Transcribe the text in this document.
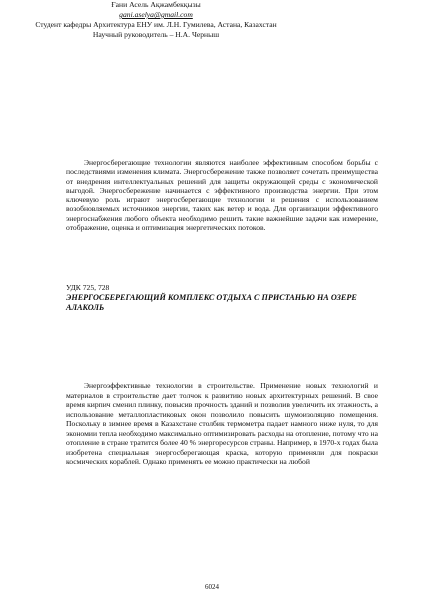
Энергосберегающие технологии являются наиболее эффективным способом борьбы с последствиями изменения климата. Энергосбережение также позволяет сочетать преимущества от внедрения интеллектуальных решений для защиты окружающей среды с экономической выгодой. Энергосбережение начинается с эффективного производства энергии. При этом ключевую роль играют энергосберегающие технологии и решения с использованием возобновляемых источников энергии, таких как ветер и вода. Для организации эффективного энергоснабжения любого объекта необходимо решить такие важнейшие задачи как измерение, отображение, оценка и оптимизация энергетических потоков.

УДК 725, 728
ЭНЕРГОСБЕРЕГАЮЩИЙ КОМПЛЕКС ОТДЫХА С ПРИСТАНЬЮ НА ОЗЕРЕ АЛАКОЛЬ
Ғани Асель Ақжамбекқызы
gani.aselya@gmail.com
Студент кафедры Архитектура ЕНУ им. Л.Н. Гумилева, Астана, Казахстан
Научный руководитель – Н.А. Черныш

Энергоэффективные технологии в строительстве. Применение новых технологий и материалов в строительстве дает толчок к развитию новых архитектурных решений. В свое время кирпич сменил плинку, повысив прочность зданий и позволив увеличить их этажность, а использование металлопластиковых окон позволило повысить шумоизоляцию помещения. Поскольку в зимнее время в Казахстане столбик термометра падает намного ниже нуля, то для экономии тепла необходимо максимально оптимизировать расходы на отопление, потому что на отопление в стране тратится более 40 % энергоресурсов страны. Например, в 1970-х годах была изобретена специальная энергосберегающая краска, которую применяли для покраски космических кораблей. Однако применять ее можно практически на любой

6024
